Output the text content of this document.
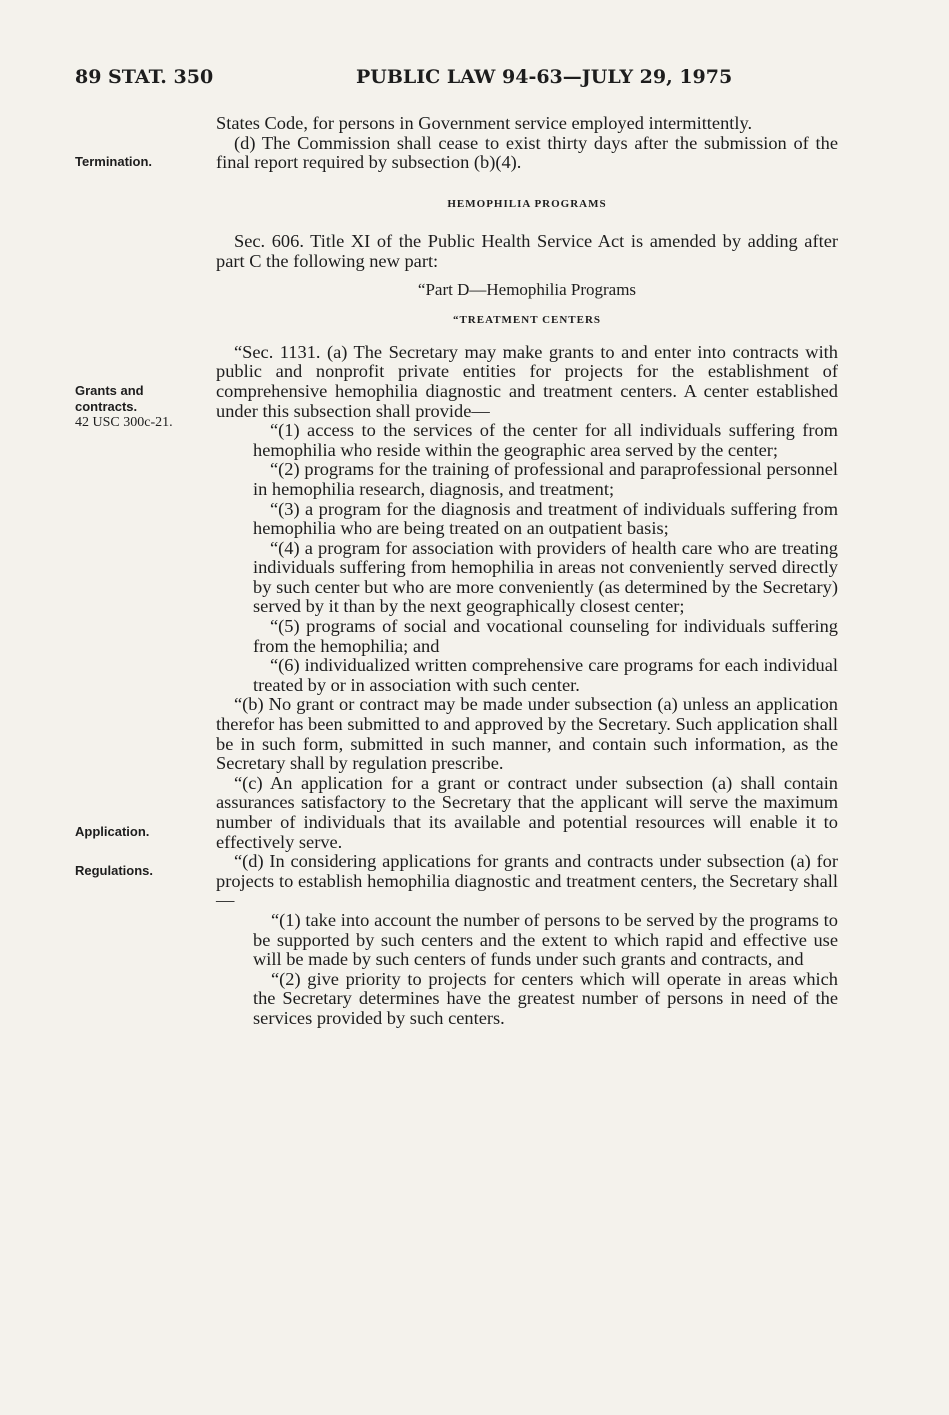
89 STAT. 350	PUBLIC LAW 94-63—JULY 29, 1975
Termination.
Grants and
contracts.
42 USC 300c-21.
Application.
Regulations.

States Code, for persons in Government service employed intermittently.

(d) The Commission shall cease to exist thirty days after the submission of the final report required by subsection (b)(4).

HEMOPHILIA PROGRAMS

Sec. 606. Title XI of the Public Health Service Act is amended by adding after part C the following new part:

“Part D—Hemophilia Programs

“TREATMENT CENTERS

“Sec. 1131. (a) The Secretary may make grants to and enter into contracts with public and nonprofit private entities for projects for the establishment of comprehensive hemophilia diagnostic and treatment centers. A center established under this subsection shall provide—

“(1) access to the services of the center for all individuals suffering from hemophilia who reside within the geographic area served by the center;

“(2) programs for the training of professional and paraprofessional personnel in hemophilia research, diagnosis, and treatment;

“(3) a program for the diagnosis and treatment of individuals suffering from hemophilia who are being treated on an outpatient basis;

“(4) a program for association with providers of health care who are treating individuals suffering from hemophilia in areas not conveniently served directly by such center but who are more conveniently (as determined by the Secretary) served by it than by the next geographically closest center;

“(5) programs of social and vocational counseling for individuals suffering from the hemophilia; and

“(6) individualized written comprehensive care programs for each individual treated by or in association with such center.

“(b) No grant or contract may be made under subsection (a) unless an application therefor has been submitted to and approved by the Secretary. Such application shall be in such form, submitted in such manner, and contain such information, as the Secretary shall by regulation prescribe.

“(c) An application for a grant or contract under subsection (a) shall contain assurances satisfactory to the Secretary that the applicant will serve the maximum number of individuals that its available and potential resources will enable it to effectively serve.

“(d) In considering applications for grants and contracts under subsection (a) for projects to establish hemophilia diagnostic and treatment centers, the Secretary shall—

“(1) take into account the number of persons to be served by the programs to be supported by such centers and the extent to which rapid and effective use will be made by such centers of funds under such grants and contracts, and

“(2) give priority to projects for centers which will operate in areas which the Secretary determines have the greatest number of persons in need of the services provided by such centers.
